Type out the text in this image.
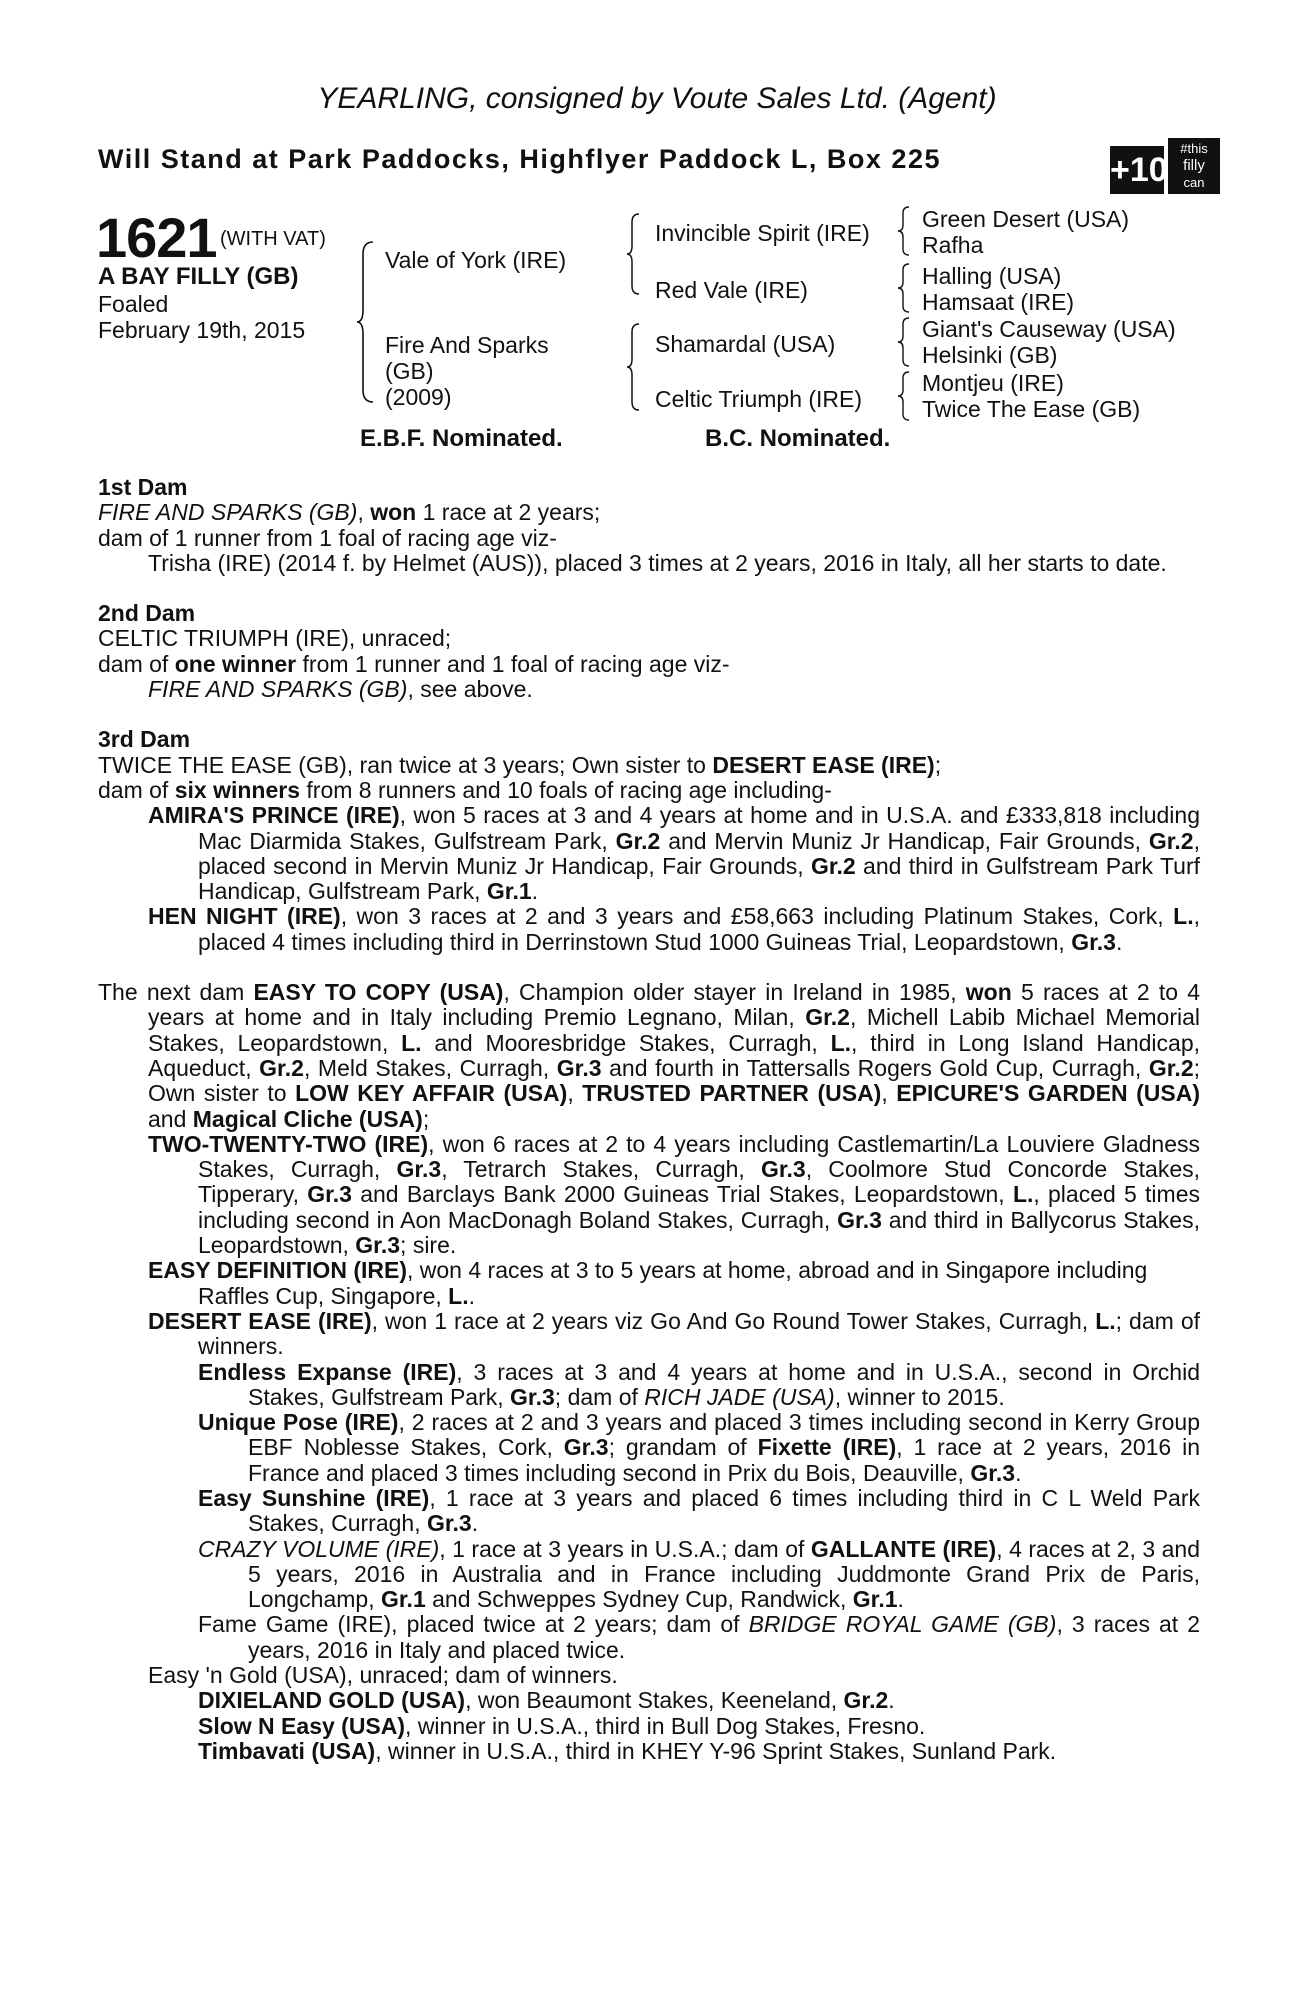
YEARLING, consigned by Voute Sales Ltd. (Agent)
Will Stand at Park Paddocks, Highflyer Paddock L, Box 225	+10
#this
filly
can
1621 (WITH VAT)
A BAY FILLY (GB)
Foaled
February 19th, 2015
Vale of York (IRE)
Fire And Sparks
(GB)
(2009)
Invincible Spirit (IRE)
Red Vale (IRE)
Shamardal (USA)
Celtic Triumph (IRE)
Green Desert (USA)
Rafha
Halling (USA)
Hamsaat (IRE)
Giant's Causeway (USA)
Helsinki (GB)
Montjeu (IRE)
Twice The Ease (GB)
E.B.F. Nominated.	B.C. Nominated.

1st Dam

FIRE AND SPARKS (GB), won 1 race at 2 years;

dam of 1 runner from 1 foal of racing age viz-

Trisha (IRE) (2014 f. by Helmet (AUS)), placed 3 times at 2 years, 2016 in Italy, all her starts to date.

2nd Dam

CELTIC TRIUMPH (IRE), unraced;

dam of one winner from 1 runner and 1 foal of racing age viz-

FIRE AND SPARKS (GB), see above.

3rd Dam

TWICE THE EASE (GB), ran twice at 3 years; Own sister to DESERT EASE (IRE);

dam of six winners from 8 runners and 10 foals of racing age including-

AMIRA'S PRINCE (IRE), won 5 races at 3 and 4 years at home and in U.S.A. and £333,818 including Mac Diarmida Stakes, Gulfstream Park, Gr.2 and Mervin Muniz Jr Handicap, Fair Grounds, Gr.2, placed second in Mervin Muniz Jr Handicap, Fair Grounds, Gr.2 and third in Gulfstream Park Turf Handicap, Gulfstream Park, Gr.1.

HEN NIGHT (IRE), won 3 races at 2 and 3 years and £58,663 including Platinum Stakes, Cork, L., placed 4 times including third in Derrinstown Stud 1000 Guineas Trial, Leopardstown, Gr.3.

The next dam EASY TO COPY (USA), Champion older stayer in Ireland in 1985, won 5 races at 2 to 4 years at home and in Italy including Premio Legnano, Milan, Gr.2, Michell Labib Michael Memorial Stakes, Leopardstown, L. and Mooresbridge Stakes, Curragh, L., third in Long Island Handicap, Aqueduct, Gr.2, Meld Stakes, Curragh, Gr.3 and fourth in Tattersalls Rogers Gold Cup, Curragh, Gr.2; Own sister to LOW KEY AFFAIR (USA), TRUSTED PARTNER (USA), EPICURE'S GARDEN (USA) and Magical Cliche (USA);

TWO-TWENTY-TWO (IRE), won 6 races at 2 to 4 years including Castlemartin/La Louviere Gladness Stakes, Curragh, Gr.3, Tetrarch Stakes, Curragh, Gr.3, Coolmore Stud Concorde Stakes, Tipperary, Gr.3 and Barclays Bank 2000 Guineas Trial Stakes, Leopardstown, L., placed 5 times including second in Aon MacDonagh Boland Stakes, Curragh, Gr.3 and third in Ballycorus Stakes, Leopardstown, Gr.3; sire.

EASY DEFINITION (IRE), won 4 races at 3 to 5 years at home, abroad and in Singapore including Raffles Cup, Singapore, L..

DESERT EASE (IRE), won 1 race at 2 years viz Go And Go Round Tower Stakes, Curragh, L.; dam of winners.

Endless Expanse (IRE), 3 races at 3 and 4 years at home and in U.S.A., second in Orchid Stakes, Gulfstream Park, Gr.3; dam of RICH JADE (USA), winner to 2015.

Unique Pose (IRE), 2 races at 2 and 3 years and placed 3 times including second in Kerry Group EBF Noblesse Stakes, Cork, Gr.3; grandam of Fixette (IRE), 1 race at 2 years, 2016 in France and placed 3 times including second in Prix du Bois, Deauville, Gr.3.

Easy Sunshine (IRE), 1 race at 3 years and placed 6 times including third in C L Weld Park Stakes, Curragh, Gr.3.

CRAZY VOLUME (IRE), 1 race at 3 years in U.S.A.; dam of GALLANTE (IRE), 4 races at 2, 3 and 5 years, 2016 in Australia and in France including Juddmonte Grand Prix de Paris, Longchamp, Gr.1 and Schweppes Sydney Cup, Randwick, Gr.1.

Fame Game (IRE), placed twice at 2 years; dam of BRIDGE ROYAL GAME (GB), 3 races at 2 years, 2016 in Italy and placed twice.

Easy 'n Gold (USA), unraced; dam of winners.

DIXIELAND GOLD (USA), won Beaumont Stakes, Keeneland, Gr.2.

Slow N Easy (USA), winner in U.S.A., third in Bull Dog Stakes, Fresno.

Timbavati (USA), winner in U.S.A., third in KHEY Y-96 Sprint Stakes, Sunland Park.
